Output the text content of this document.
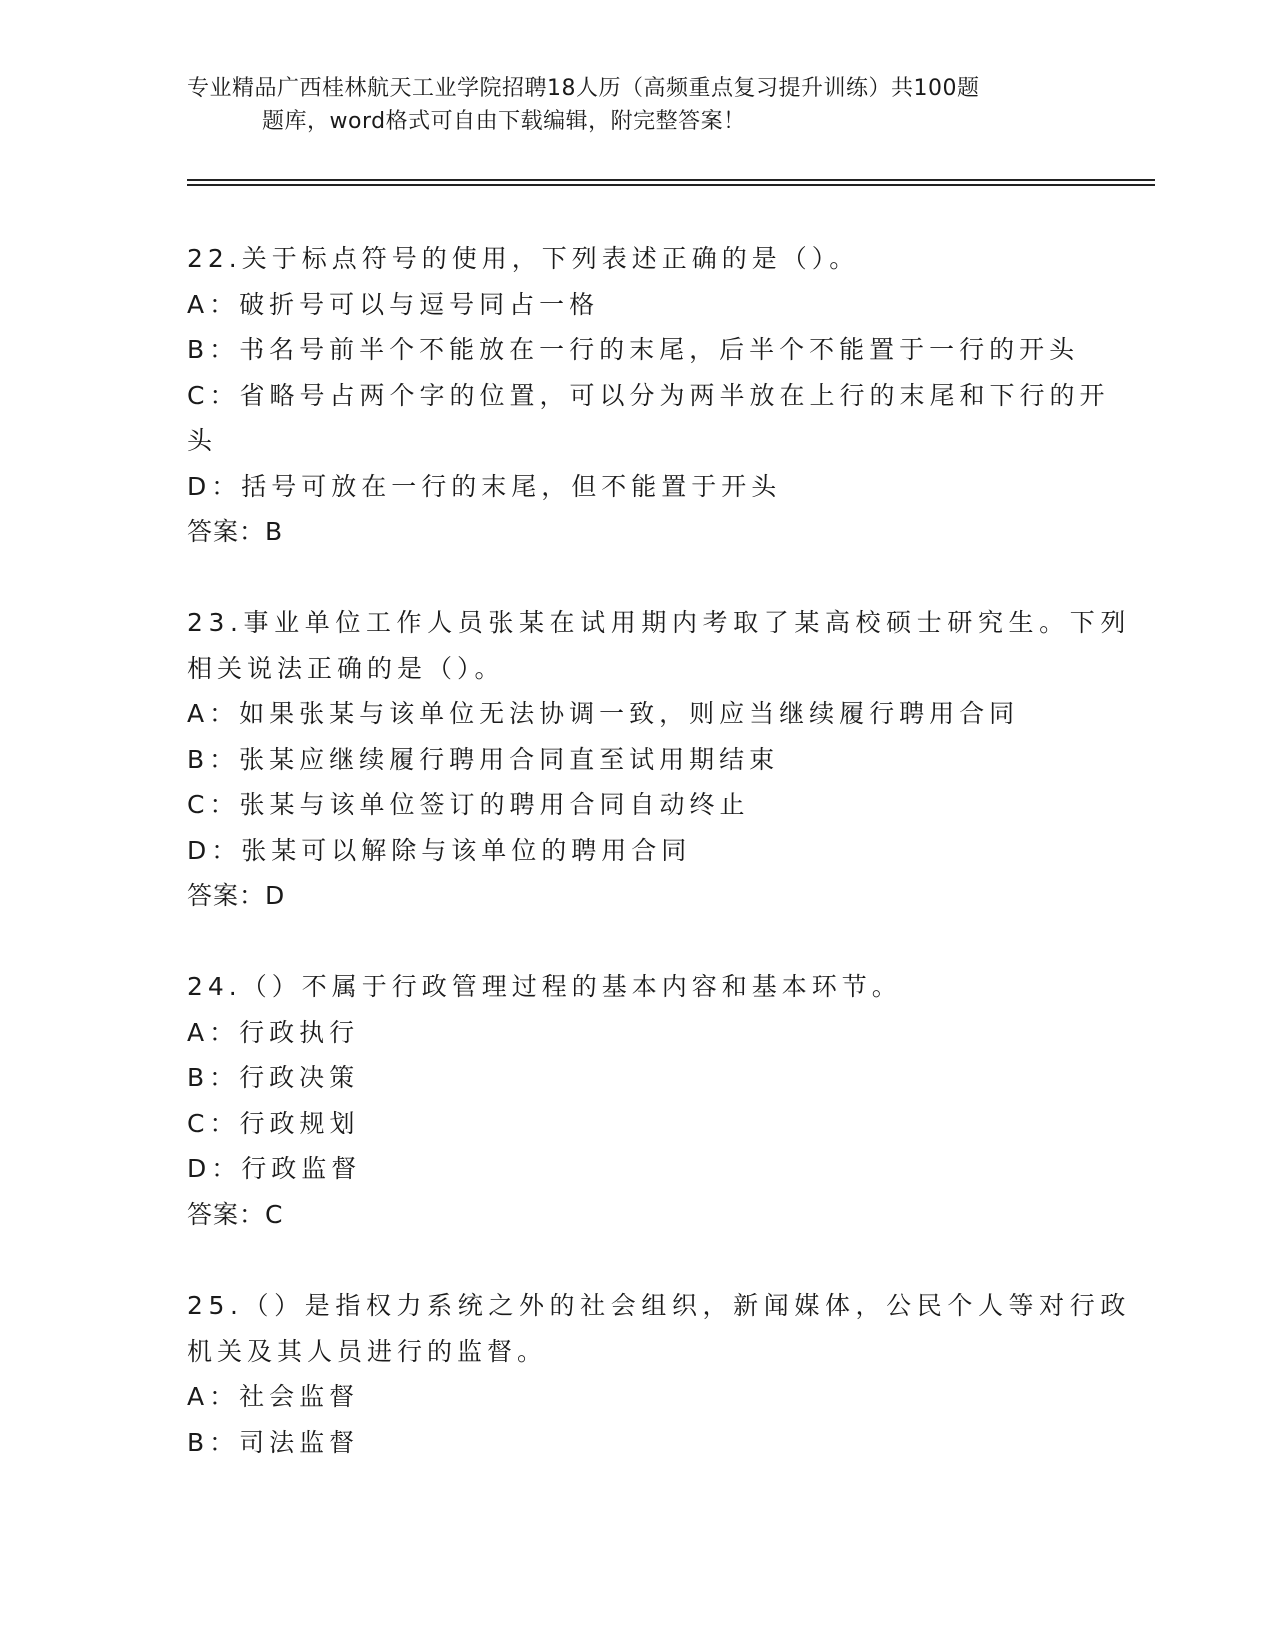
专业精品广西桂林航天工业学院招聘18人历（高频重点复习提升训练）共100题
题库，word格式可自由下载编辑，附完整答案！
22.关于标点符号的使用，下列表述正确的是（）。
A：破折号可以与逗号同占一格
B：书名号前半个不能放在一行的末尾，后半个不能置于一行的开头
C：省略号占两个字的位置，可以分为两半放在上行的末尾和下行的开
头
D：括号可放在一行的末尾，但不能置于开头
答案：B
23.事业单位工作人员张某在试用期内考取了某高校硕士研究生。下列
相关说法正确的是（）。
A：如果张某与该单位无法协调一致，则应当继续履行聘用合同
B：张某应继续履行聘用合同直至试用期结束
C：张某与该单位签订的聘用合同自动终止
D：张某可以解除与该单位的聘用合同
答案：D
24.（）不属于行政管理过程的基本内容和基本环节。
A：行政执行
B：行政决策
C：行政规划
D：行政监督
答案：C
25.（）是指权力系统之外的社会组织，新闻媒体，公民个人等对行政
机关及其人员进行的监督。
A：社会监督
B：司法监督
